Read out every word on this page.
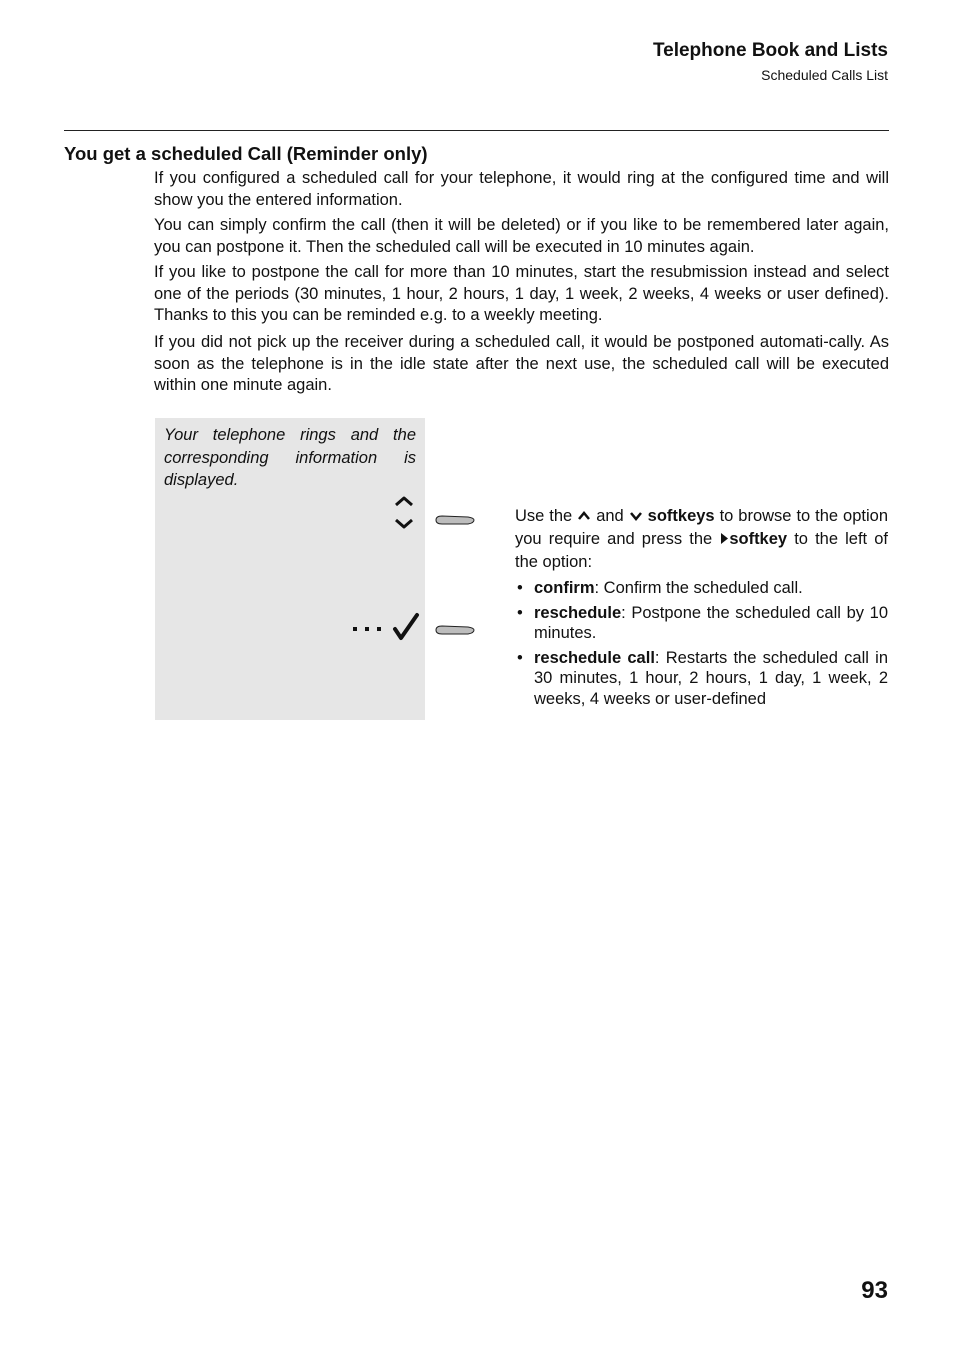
Telephone Book and Lists
Scheduled Calls List
You get a scheduled Call (Reminder only)

If you configured a scheduled call for your telephone, it would ring at the configured time and will show you the entered information.

You can simply confirm the call (then it will be deleted) or if you like to be remembered later again, you can postpone it. Then the scheduled call will be executed in 10 minutes again.

If you like to postpone the call for more than 10 minutes, start the resubmission instead and select one of the periods (30 minutes, 1 hour, 2 hours, 1 day, 1 week, 2 weeks, 4 weeks or user defined). Thanks to this you can be reminded e.g. to a weekly meeting.

If you did not pick up the receiver during a scheduled call, it would be postponed automati-cally. As soon as the telephone is in the idle state after the next use, the scheduled call will be executed within one minute again.

Your telephone rings and the corresponding information is displayed.

Use the and softkeys to browse to the option you require and press the softkey to the left of the option:

• confirm: Confirm the scheduled call.
• reschedule: Postpone the scheduled call by 10 minutes.
• reschedule call: Restarts the scheduled call in 30 minutes, 1 hour, 2 hours, 1 day, 1 week, 2 weeks, 4 weeks or user-defined
93
